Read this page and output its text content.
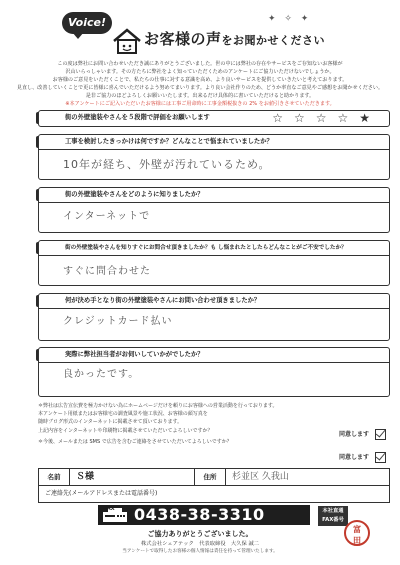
Voice!
お客様の声をお聞かせください
✦ ✧ ✦

この度は弊社にお問い合わせいただき誠にありがとうございました。世の中には弊社の存在やサービスをご存知ないお客様が

沢山いらっしゃいます。その方たちに弊社をよく知っていただくためのアンケートにご協力いただけないでしょうか。

お客様のご意見をいただくことで、私たちの仕事に対する意識を高め、より良いサービスを提供していきたいと考えております。

見直し、改善していくことで更に皆様に喜んでいただけるよう努めてまいります。より良い会社作りのため、どうか率直なご意見やご感想をお聞かせください。

是非ご協力のほどよろしくお願いいたします。出来るだけ具体的に書いていただけると助かります。

※本アンケートにご記入いただいたお客様には工事ご用命時に工事金額税抜きの 2% をお値引きさせていただきます。

街の外壁塗装やさんを５段階で評価をお願いします	☆☆☆☆★
工事を検討したきっかけは何ですか？どんなことで悩まれていましたか？
10年が経ち、外壁が汚れているため。
街の外壁塗装やさんをどのように知りましたか？
インターネットで
街の外壁塗装やさんを知りすぐにお問合せ頂きましたか？も し悩まれたとしたらどんなことがご不安でしたか？
すぐに問合わせた
何が決め手となり街の外壁塗装やさんにお問い合わせ頂きましたか？
クレジットカード払い
実際に弊社担当者がお伺いしていかがでしたか？
良かったです。

＊弊社は広告宣伝費を極力かけない為にホームページだけを頼りにお客様への営業活動を行っております。

本アンケート用紙またはお客様宅の調査風景や施工状況、お客様の顔写真を

随時ブログ形式のインターネットに掲載させて頂いております。

上記内容をインターネットや印刷物に掲載させていただいてよろしいですか？

＊今後、メールまたは SMS で広告を含むご連絡をさせていただいてよろしいですか？

同意します
同意します
名前	Ｓ様	住所	杉並区 久我山
ご連絡先(メールアドレスまたは電話番号)
FAX 0438-38-3310	本社直通
FAX番号
ご協力ありがとうございました。
株式会社シェアテック　代表取締役　大久保 誠二
当アンケートで取得したお客様の個人情報は責任を持って管理いたします。
富
田
